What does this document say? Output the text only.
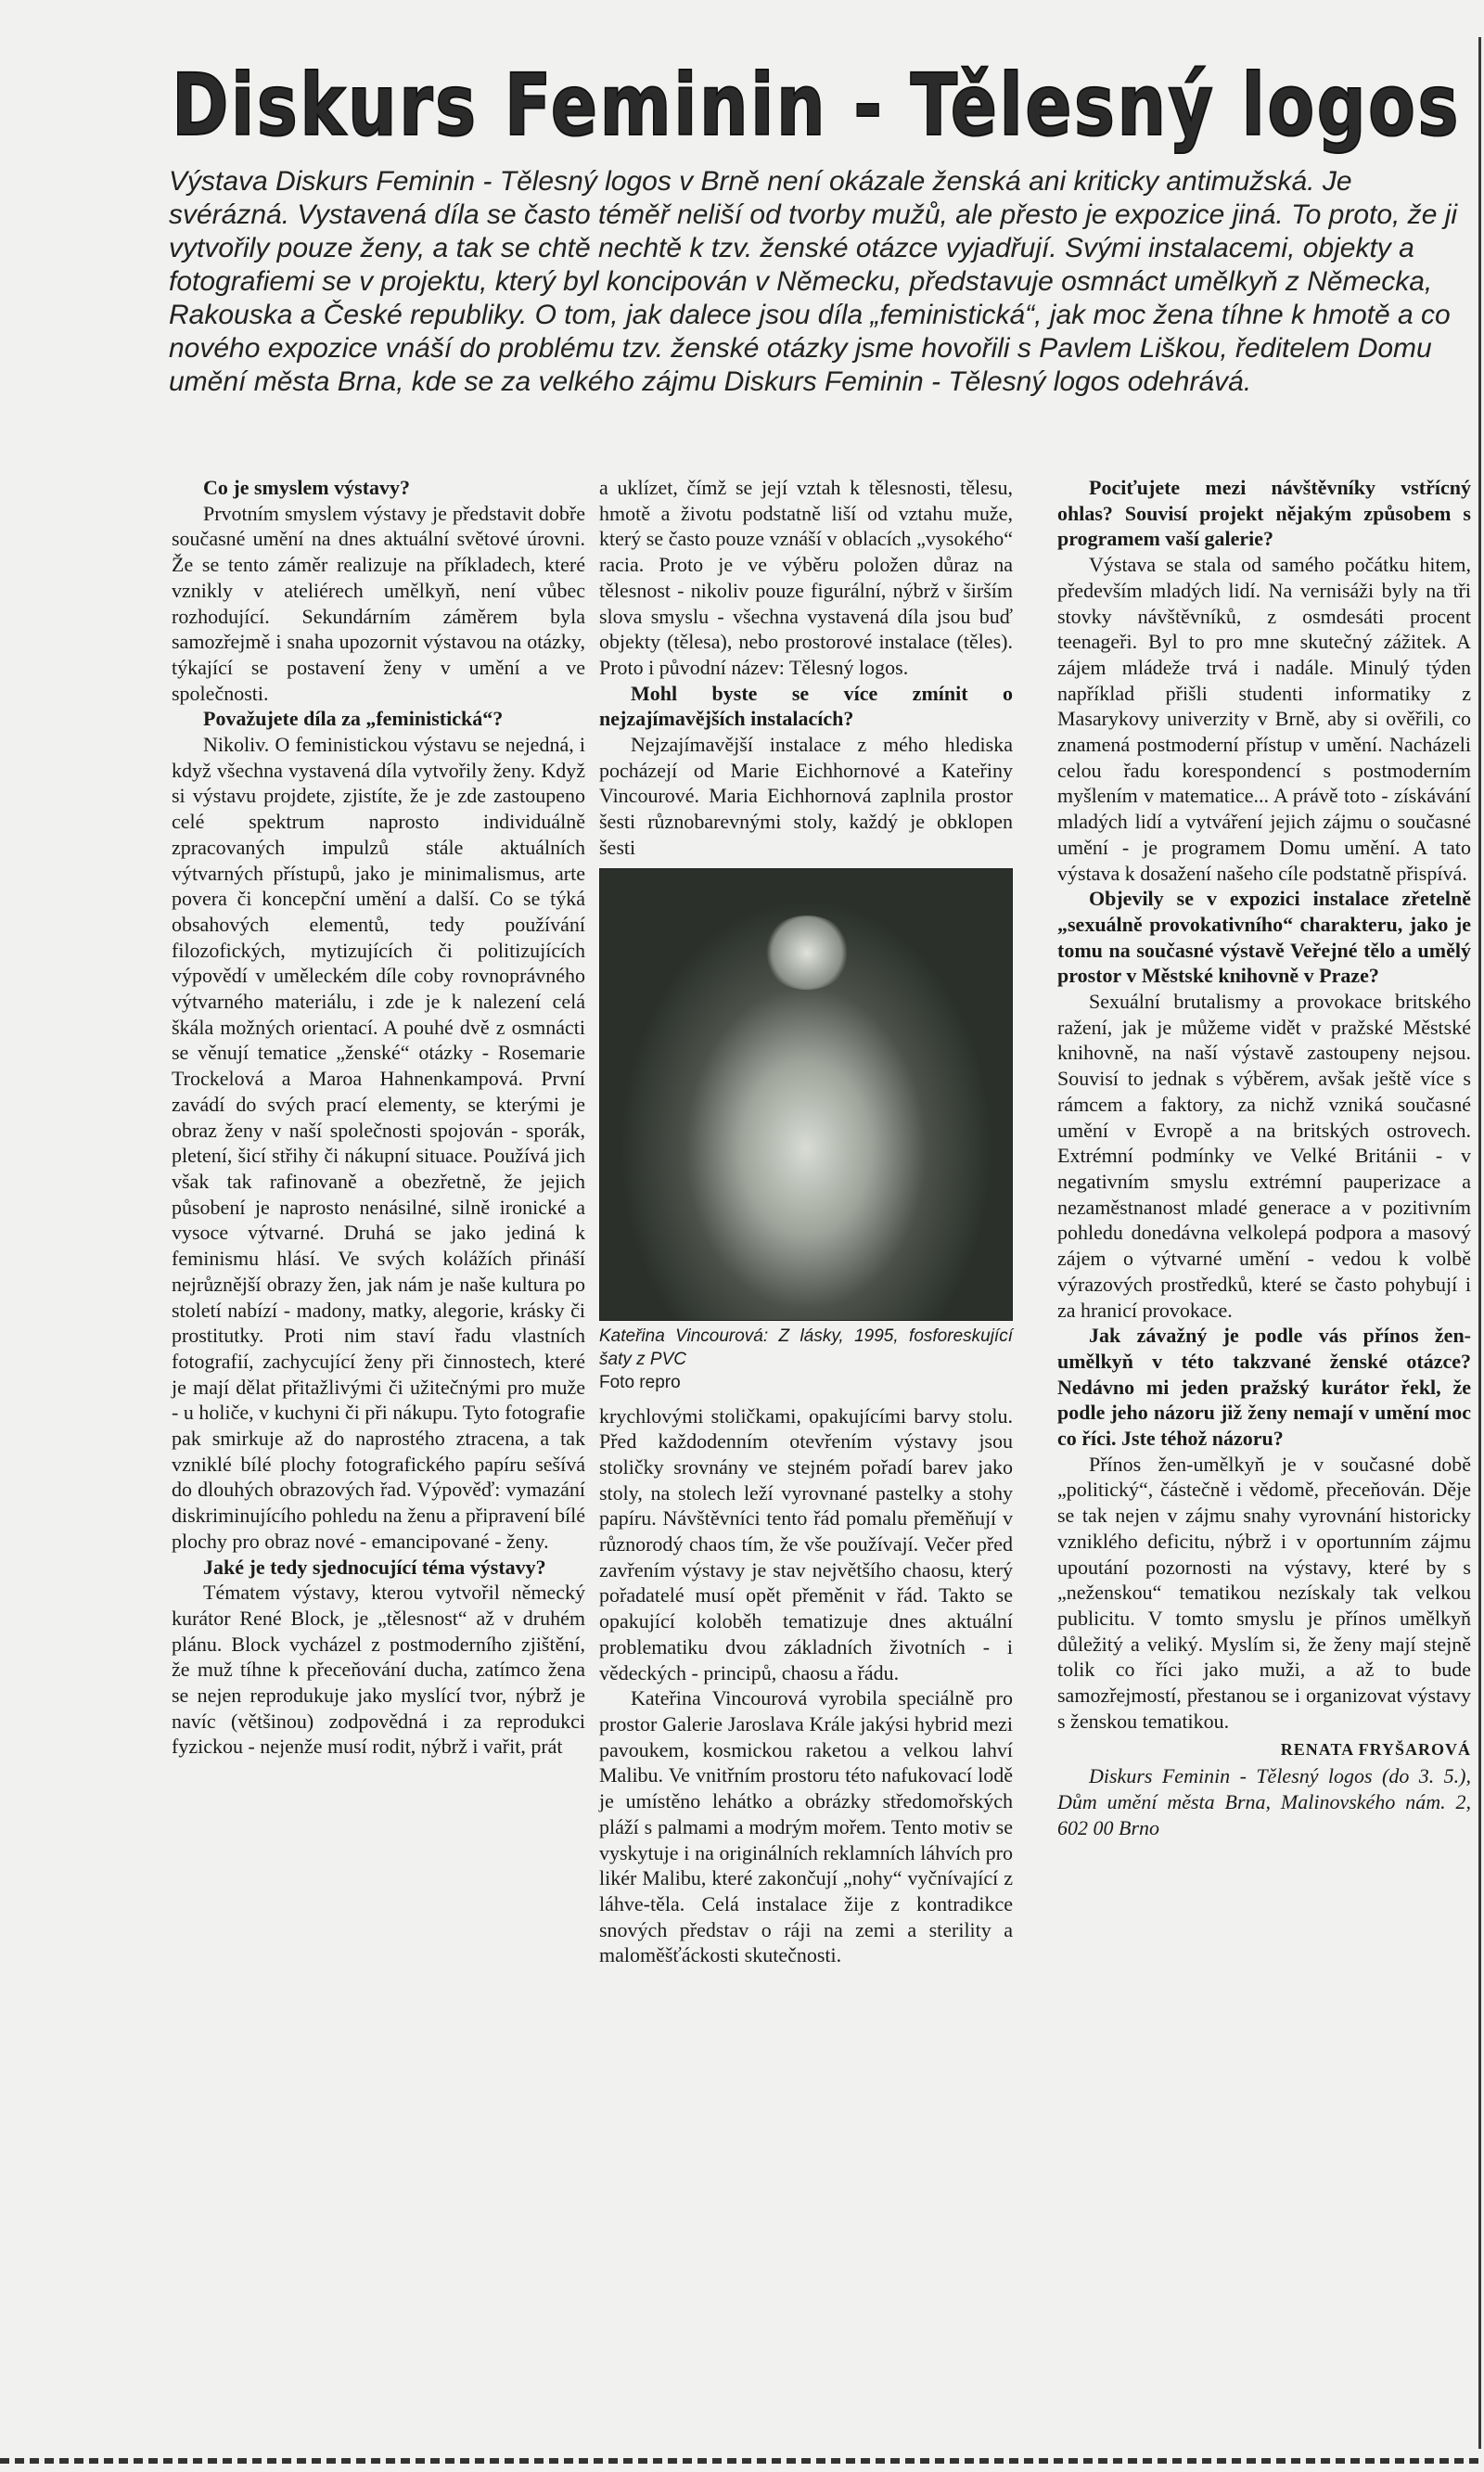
Diskurs Feminin - Tělesný logos
Výstava Diskurs Feminin - Tělesný logos v Brně není okázale ženská ani kriticky antimužská. Je svérázná. Vystavená díla se často téměř neliší od tvorby mužů, ale přesto je expozice jiná. To proto, že ji vytvořily pouze ženy, a tak se chtě nechtě k tzv. ženské otázce vyjadřují. Svými instalacemi, objekty a fotografiemi se v projektu, který byl koncipován v Německu, představuje osmnáct umělkyň z Německa, Rakouska a České republiky. O tom, jak dalece jsou díla „feministická“, jak moc žena tíhne k hmotě a co nového expozice vnáší do problému tzv. ženské otázky jsme hovořili s Pavlem Liškou, ředitelem Domu umění města Brna, kde se za velkého zájmu Diskurs Feminin - Tělesný logos odehrává.

Co je smyslem výstavy?

Prvotním smyslem výstavy je představit dobře současné umění na dnes aktuální světové úrovni. Že se tento záměr realizuje na příkladech, které vznikly v ateliérech umělkyň, není vůbec rozhodující. Sekundárním záměrem byla samozřejmě i snaha upozornit výstavou na otázky, týkající se postavení ženy v umění a ve společnosti.

Považujete díla za „feministická“?

Nikoliv. O feministickou výstavu se nejedná, i když všechna vystavená díla vytvořily ženy. Když si výstavu projdete, zjistíte, že je zde zastoupeno celé spektrum naprosto individuálně zpracovaných impulzů stále aktuálních výtvarných přístupů, jako je minimalismus, arte povera či koncepční umění a další. Co se týká obsahových elementů, tedy používání filozofických, mytizujících či politizujících výpovědí v uměleckém díle coby rovnoprávného výtvarného materiálu, i zde je k nalezení celá škála možných orientací. A pouhé dvě z osmnácti se věnují tematice „ženské“ otázky - Rosemarie Trockelová a Maroa Hahnenkampová. První zavádí do svých prací elementy, se kterými je obraz ženy v naší společnosti spojován - sporák, pletení, šicí střihy či nákupní situace. Používá jich však tak rafinovaně a obezřetně, že jejich působení je naprosto nenásilné, silně ironické a vysoce výtvarné. Druhá se jako jediná k feminismu hlásí. Ve svých kolážích přináší nejrůznější obrazy žen, jak nám je naše kultura po století nabízí - madony, matky, alegorie, krásky či prostitutky. Proti nim staví řadu vlastních fotografií, zachycující ženy při činnostech, které je mají dělat přitažlivými či užitečnými pro muže - u holiče, v kuchyni či při nákupu. Tyto fotografie pak smirkuje až do naprostého ztracena, a tak vzniklé bílé plochy fotografického papíru sešívá do dlouhých obrazových řad. Výpověď: vymazání diskriminujícího pohledu na ženu a připravení bílé plochy pro obraz nové - emancipované - ženy.

Jaké je tedy sjednocující téma výstavy?

Tématem výstavy, kterou vytvořil německý kurátor René Block, je „tělesnost“ až v druhém plánu. Block vycházel z postmoderního zjištění, že muž tíhne k přeceňování ducha, zatímco žena se nejen reprodukuje jako myslící tvor, nýbrž je navíc (většinou) zodpovědná i za reprodukci fyzickou - nejenže musí rodit, nýbrž i vařit, prát

a uklízet, čímž se její vztah k tělesnosti, tělesu, hmotě a životu podstatně liší od vztahu muže, který se často pouze vznáší v oblacích „vysokého“ racia. Proto je ve výběru položen důraz na tělesnost - nikoliv pouze figurální, nýbrž v širším slova smyslu - všechna vystavená díla jsou buď objekty (tělesa), nebo prostorové instalace (těles). Proto i původní název: Tělesný logos.

Mohl byste se více zmínit o nejzajímavějších instalacích?

Nejzajímavější instalace z mého hlediska pocházejí od Marie Eichhornové a Kateřiny Vincourové. Maria Eichhornová zaplnila prostor šesti různobarevnými stoly, každý je obklopen šesti

Kateřina Vincourová: Z lásky, 1995, fosforeskující šaty z PVC
Foto repro

krychlovými stoličkami, opakujícími barvy stolu. Před každodenním otevřením výstavy jsou stoličky srovnány ve stejném pořadí barev jako stoly, na stolech leží vyrovnané pastelky a stohy papíru. Návštěvníci tento řád pomalu přeměňují v různorodý chaos tím, že vše používají. Večer před zavřením výstavy je stav největšího chaosu, který pořadatelé musí opět přeměnit v řád. Takto se opakující koloběh tematizuje dnes aktuální problematiku dvou základních životních - i vědeckých - principů, chaosu a řádu.

Kateřina Vincourová vyrobila speciálně pro prostor Galerie Jaroslava Krále jakýsi hybrid mezi pavoukem, kosmickou raketou a velkou lahví Malibu. Ve vnitřním prostoru této nafukovací lodě je umístěno lehátko a obrázky středomořských pláží s palmami a modrým mořem. Tento motiv se vyskytuje i na originálních reklamních láhvích pro likér Malibu, které zakončují „nohy“ vyčnívající z láhve-těla. Celá instalace žije z kontradikce snových představ o ráji na zemi a sterility a maloměšťáckosti skutečnosti.

Pociťujete mezi návštěvníky vstřícný ohlas? Souvisí projekt nějakým způsobem s programem vaší galerie?

Výstava se stala od samého počátku hitem, především mladých lidí. Na vernisáži byly na tři stovky návštěvníků, z osmdesáti procent teenageři. Byl to pro mne skutečný zážitek. A zájem mládeže trvá i nadále. Minulý týden například přišli studenti informatiky z Masarykovy univerzity v Brně, aby si ověřili, co znamená postmoderní přístup v umění. Nacházeli celou řadu korespondencí s postmoderním myšlením v matematice... A právě toto - získávání mladých lidí a vytváření jejich zájmu o současné umění - je programem Domu umění. A tato výstava k dosažení našeho cíle podstatně přispívá.

Objevily se v expozici instalace zřetelně „sexuálně provokativního“ charakteru, jako je tomu na současné výstavě Veřejné tělo a umělý prostor v Městské knihovně v Praze?

Sexuální brutalismy a provokace britského ražení, jak je můžeme vidět v pražské Městské knihovně, na naší výstavě zastoupeny nejsou. Souvisí to jednak s výběrem, avšak ještě více s rámcem a faktory, za nichž vzniká současné umění v Evropě a na britských ostrovech. Extrémní podmínky ve Velké Británii - v negativním smyslu extrémní pauperizace a nezaměstnanost mladé generace a v pozitivním pohledu donedávna velkolepá podpora a masový zájem o výtvarné umění - vedou k volbě výrazových prostředků, které se často pohybují i za hranicí provokace.

Jak závažný je podle vás přínos žen-umělkyň v této takzvané ženské otázce? Nedávno mi jeden pražský kurátor řekl, že podle jeho názoru již ženy nemají v umění moc co říci. Jste téhož názoru?

Přínos žen-umělkyň je v současné době „politický“, částečně i vědomě, přeceňován. Děje se tak nejen v zájmu snahy vyrovnání historicky vzniklého deficitu, nýbrž i v oportunním zájmu upoutání pozornosti na výstavy, které by s „neženskou“ tematikou nezískaly tak velkou publicitu. V tomto smyslu je přínos umělkyň důležitý a veliký. Myslím si, že ženy mají stejně tolik co říci jako muži, a až to bude samozřejmostí, přestanou se i organizovat výstavy s ženskou tematikou.

RENATA FRYŠAROVÁ

Diskurs Feminin - Tělesný logos (do 3. 5.), Dům umění města Brna, Malinovského nám. 2, 602 00 Brno
